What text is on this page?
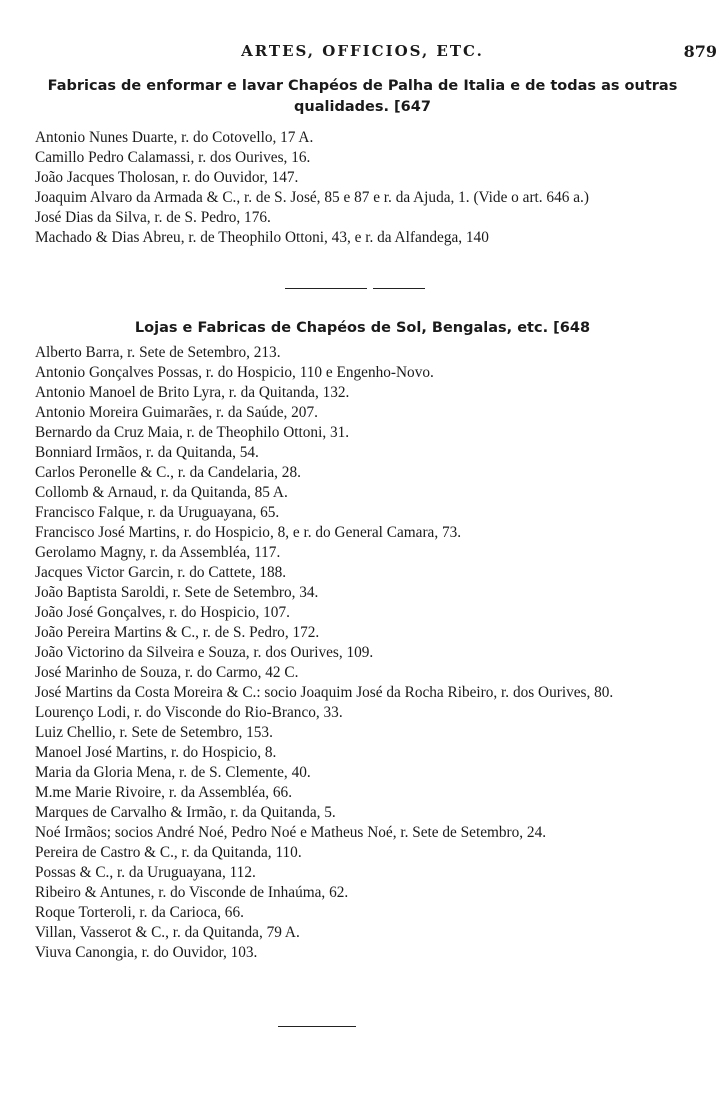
ARTES, OFFICIOS, ETC.	879
Fabricas de enformar e lavar Chapéos de Palha de Italia e de todas as outras qualidades. [647
Antonio Nunes Duarte, r. do Cotovello, 17 A.
Camillo Pedro Calamassi, r. dos Ourives, 16.
João Jacques Tholosan, r. do Ouvidor, 147.
Joaquim Alvaro da Armada & C., r. de S. José, 85 e 87 e r. da Ajuda, 1. (Vide o art. 646 a.)
José Dias da Silva, r. de S. Pedro, 176.
Machado & Dias Abreu, r. de Theophilo Ottoni, 43, e r. da Alfandega, 140
Lojas e Fabricas de Chapéos de Sol, Bengalas, etc. [648
Alberto Barra, r. Sete de Setembro, 213.
Antonio Gonçalves Possas, r. do Hospicio, 110 e Engenho-Novo.
Antonio Manoel de Brito Lyra, r. da Quitanda, 132.
Antonio Moreira Guimarães, r. da Saúde, 207.
Bernardo da Cruz Maia, r. de Theophilo Ottoni, 31.
Bonniard Irmãos, r. da Quitanda, 54.
Carlos Peronelle & C., r. da Candelaria, 28.
Collomb & Arnaud, r. da Quitanda, 85 A.
Francisco Falque, r. da Uruguayana, 65.
Francisco José Martins, r. do Hospicio, 8, e r. do General Camara, 73.
Gerolamo Magny, r. da Assembléa, 117.
Jacques Victor Garcin, r. do Cattete, 188.
João Baptista Saroldi, r. Sete de Setembro, 34.
João José Gonçalves, r. do Hospicio, 107.
João Pereira Martins & C., r. de S. Pedro, 172.
João Victorino da Silveira e Souza, r. dos Ourives, 109.
José Marinho de Souza, r. do Carmo, 42 C.
José Martins da Costa Moreira & C.: socio Joaquim José da Rocha Ribeiro, r. dos Ourives, 80.
Lourenço Lodi, r. do Visconde do Rio-Branco, 33.
Luiz Chellio, r. Sete de Setembro, 153.
Manoel José Martins, r. do Hospicio, 8.
Maria da Gloria Mena, r. de S. Clemente, 40.
M.me Marie Rivoire, r. da Assembléa, 66.
Marques de Carvalho & Irmão, r. da Quitanda, 5.
Noé Irmãos; socios André Noé, Pedro Noé e Matheus Noé, r. Sete de Setembro, 24.
Pereira de Castro & C., r. da Quitanda, 110.
Possas & C., r. da Uruguayana, 112.
Ribeiro & Antunes, r. do Visconde de Inhaúma, 62.
Roque Torteroli, r. da Carioca, 66.
Villan, Vasserot & C., r. da Quitanda, 79 A.
Viuva Canongia, r. do Ouvidor, 103.
